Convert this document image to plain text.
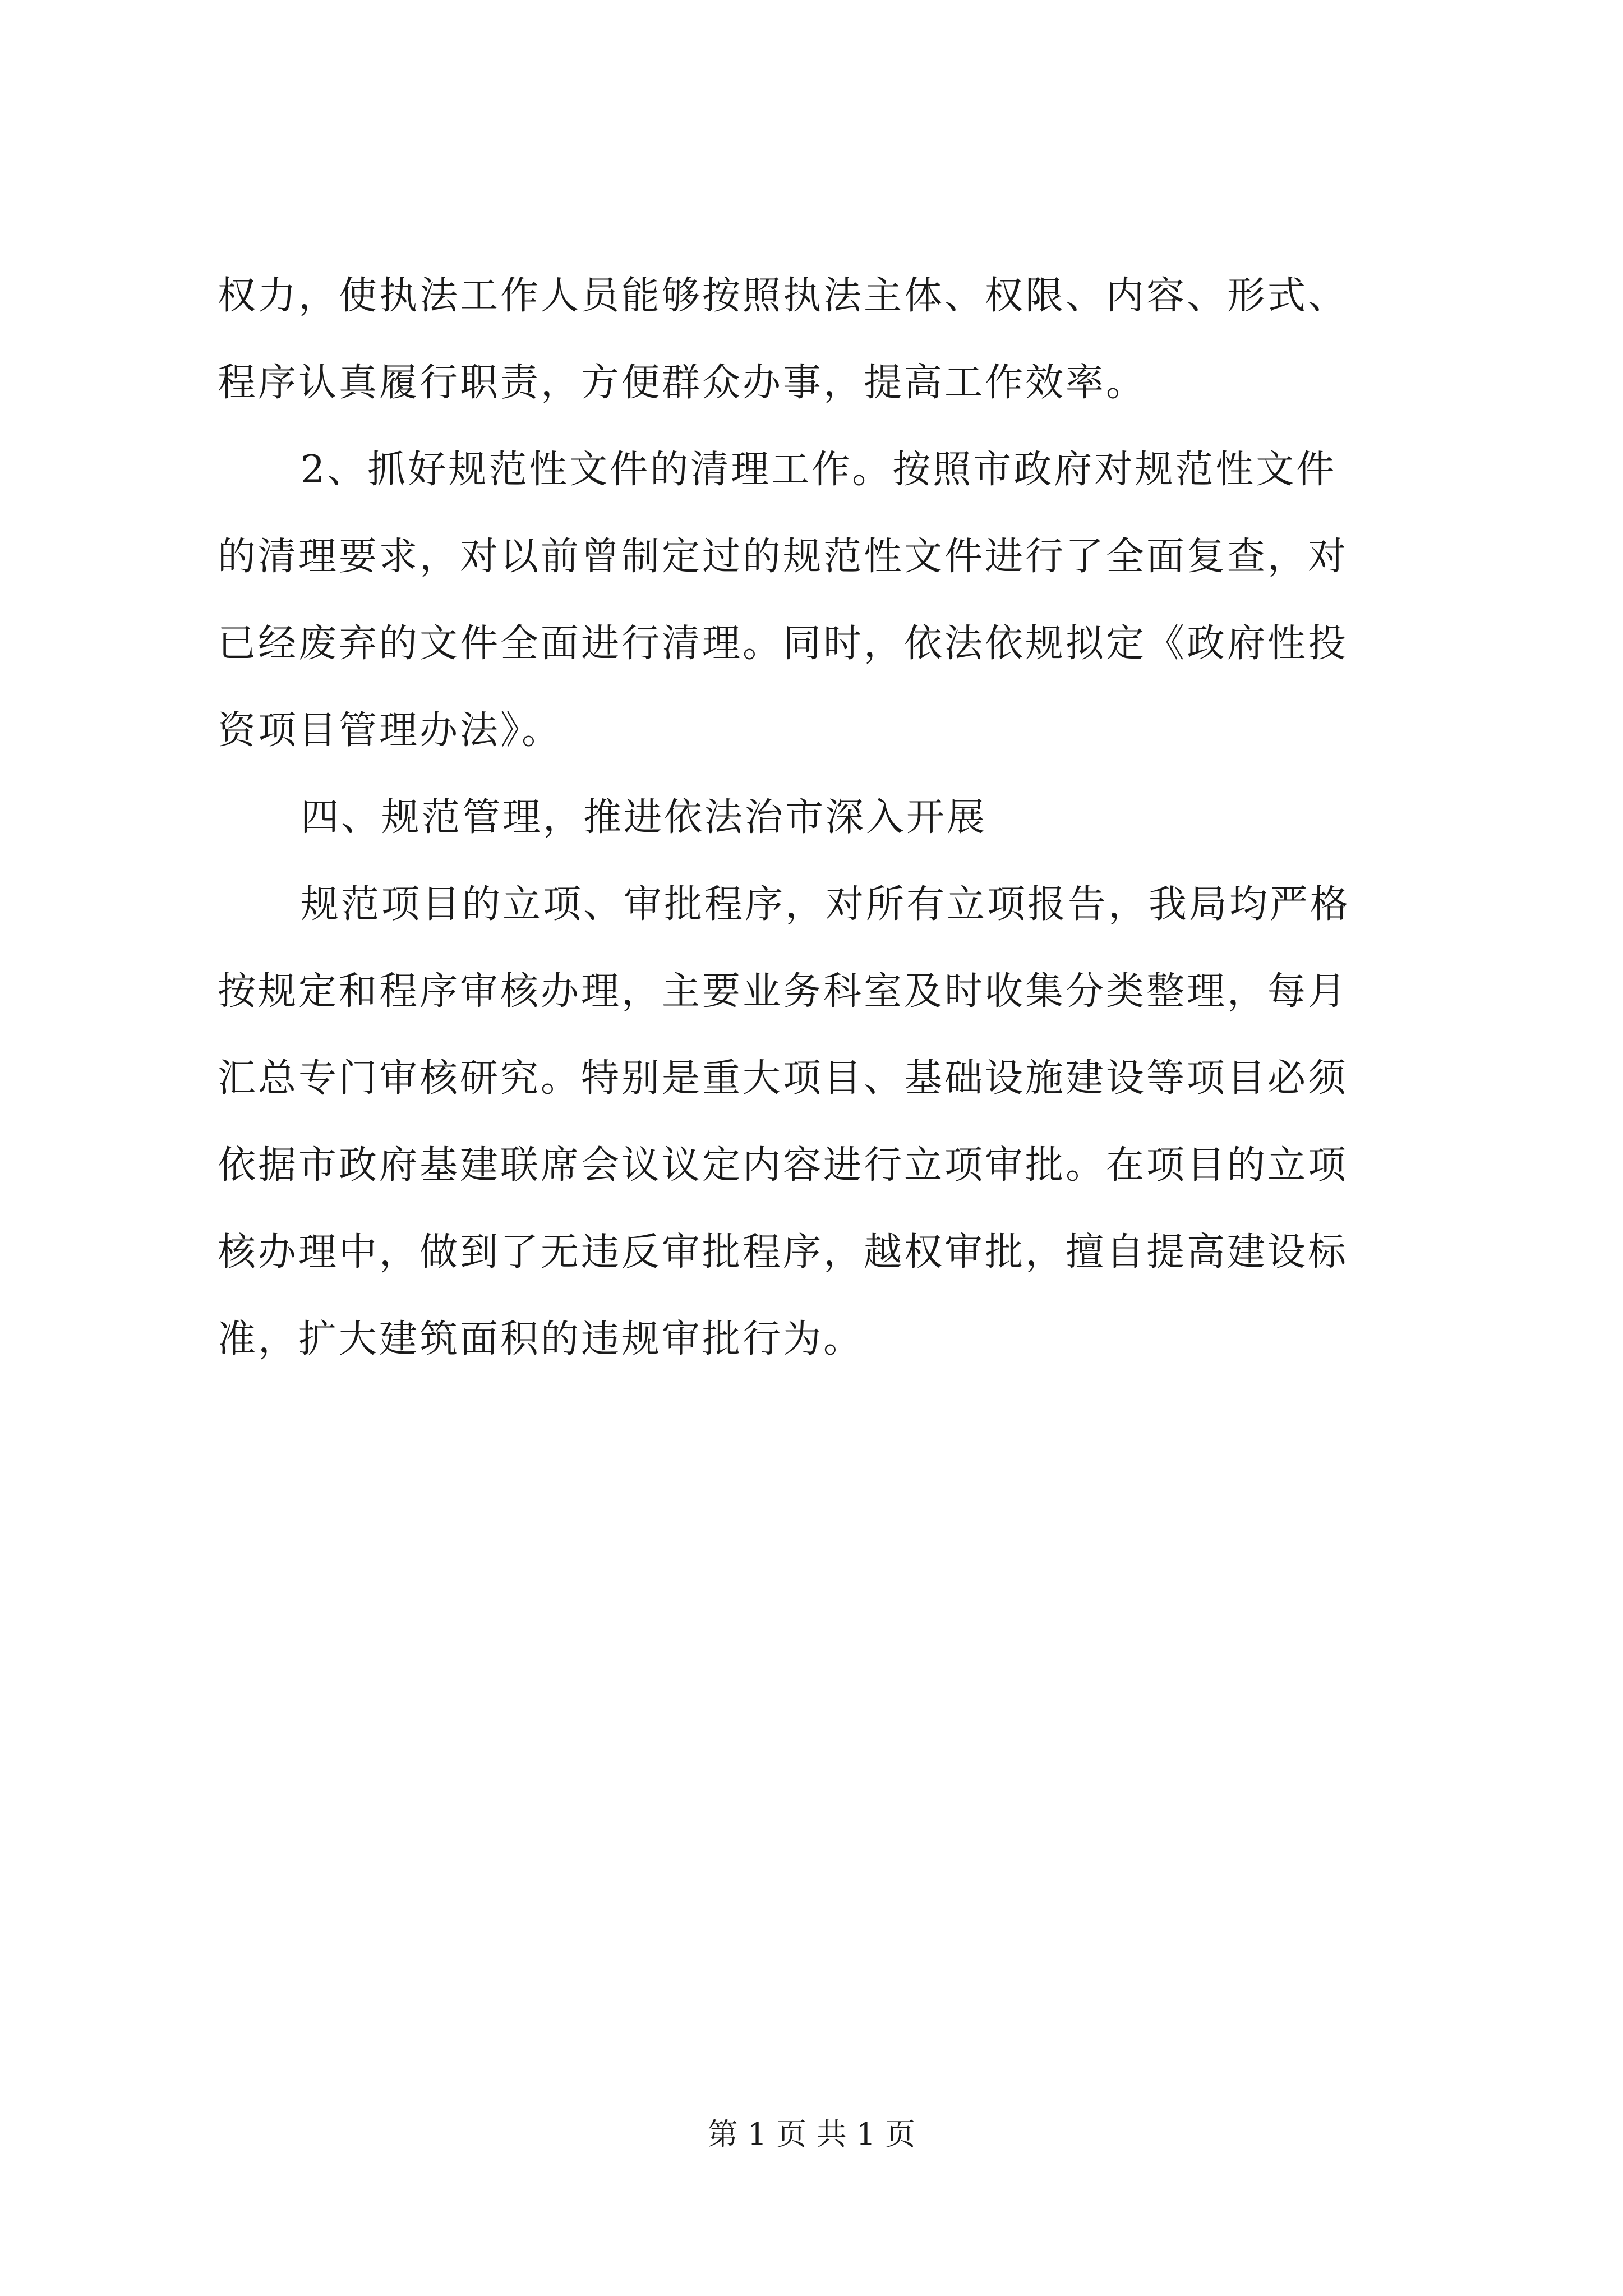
权力，使执法工作人员能够按照执法主体、权限、内容、形式、
程序认真履行职责，方便群众办事，提高工作效率。
2、抓好规范性文件的清理工作。按照市政府对规范性文件
的清理要求，对以前曾制定过的规范性文件进行了全面复查，对
已经废弃的文件全面进行清理。同时，依法依规拟定《政府性投
资项目管理办法》。
四、规范管理，推进依法治市深入开展
规范项目的立项、审批程序，对所有立项报告，我局均严格
按规定和程序审核办理，主要业务科室及时收集分类整理，每月
汇总专门审核研究。特别是重大项目、基础设施建设等项目必须
依据市政府基建联席会议议定内容进行立项审批。在项目的立项
核办理中，做到了无违反审批程序，越权审批，擅自提高建设标
准，扩大建筑面积的违规审批行为。
第 1 页 共 1 页
